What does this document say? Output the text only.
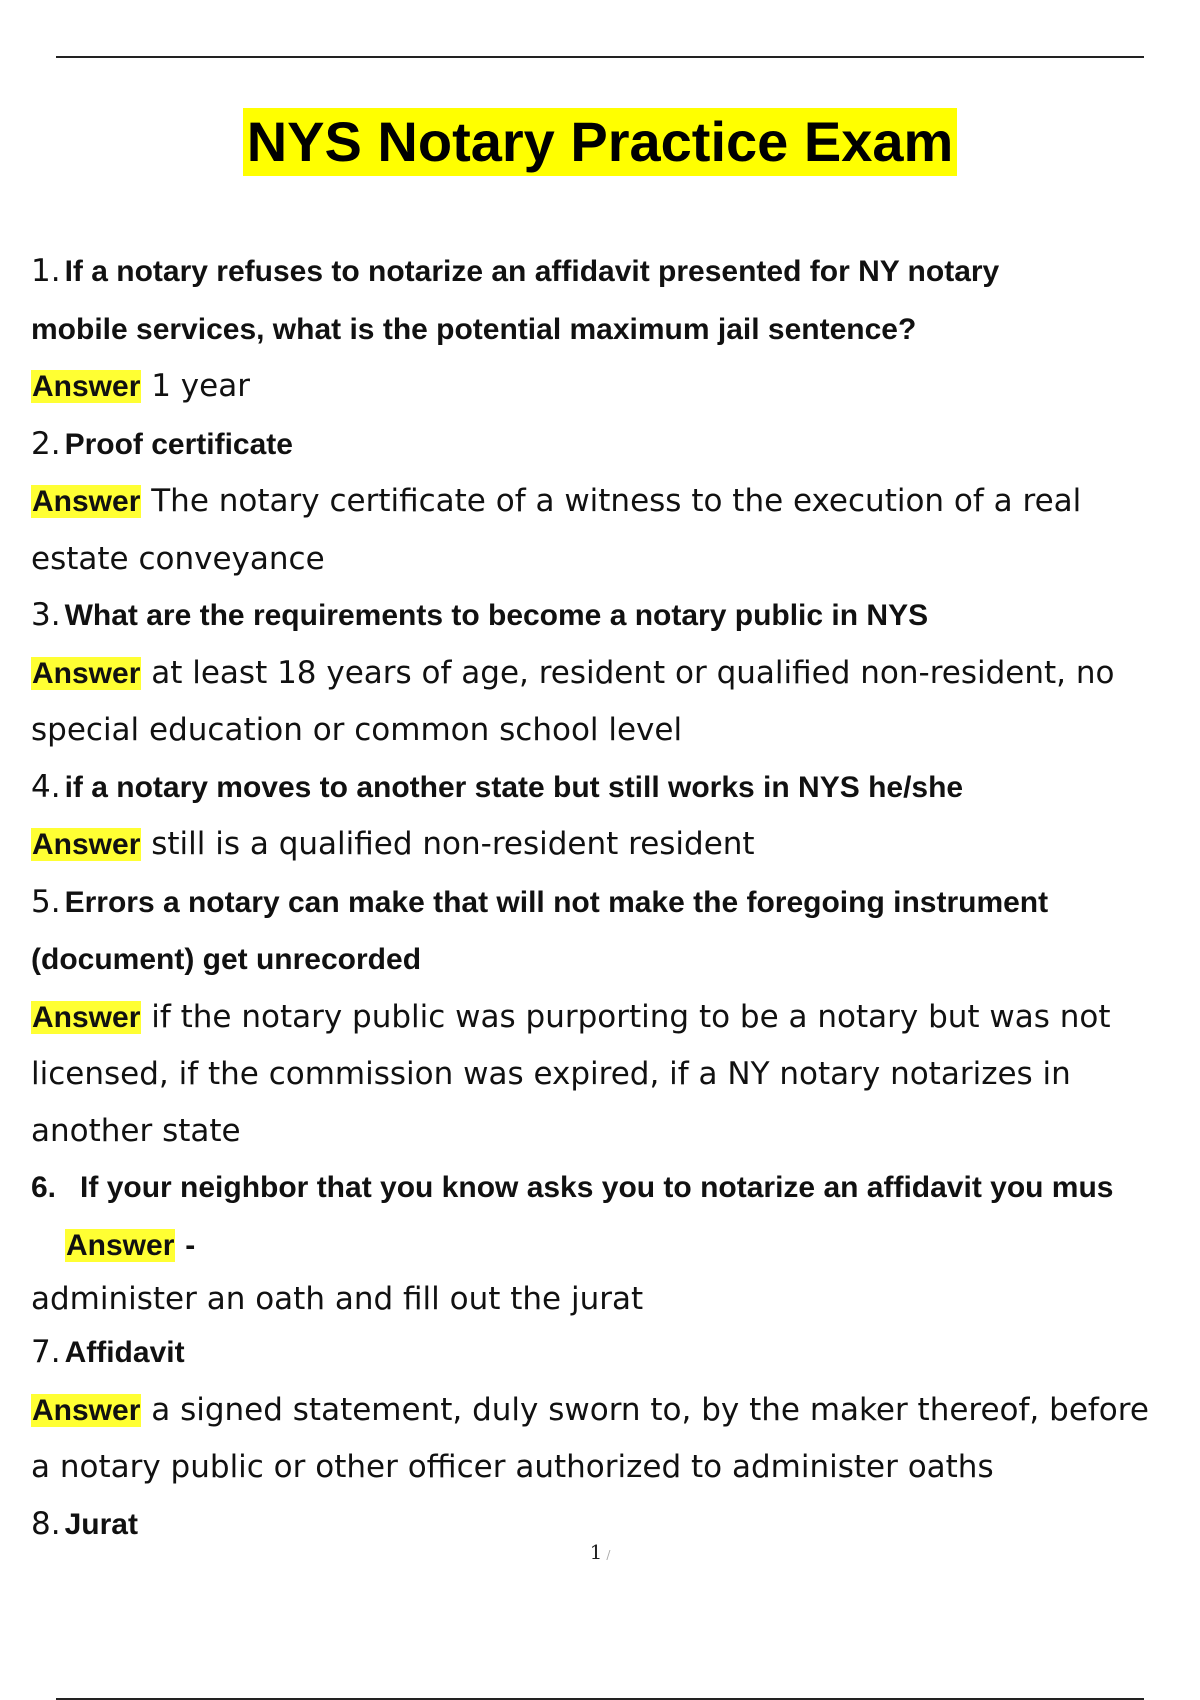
NYS Notary Practice Exam
1. If a notary refuses to notarize an affidavit presented for NY notary
mobile services, what is the potential maximum jail sentence?
Answer 1 year
2. Proof certificate
Answer The notary certificate of a witness to the execution of a real
estate conveyance
3. What are the requirements to become a notary public in NYS
Answer at least 18 years of age, resident or qualified non-resident, no
special education or common school level
4. if a notary moves to another state but still works in NYS he/she
Answer still is a qualified non-resident resident
5. Errors a notary can make that will not make the foregoing instrument
(document) get unrecorded
Answer if the notary public was purporting to be a notary but was not
licensed, if the commission was expired, if a NY notary notarizes in
another state
6. If your neighbor that you know asks you to notarize an affidavit you mus
Answer -
administer an oath and fill out the jurat
7. Affidavit
Answer a signed statement, duly sworn to, by the maker thereof, before
a notary public or other officer authorized to administer oaths
8. Jurat
1 /
